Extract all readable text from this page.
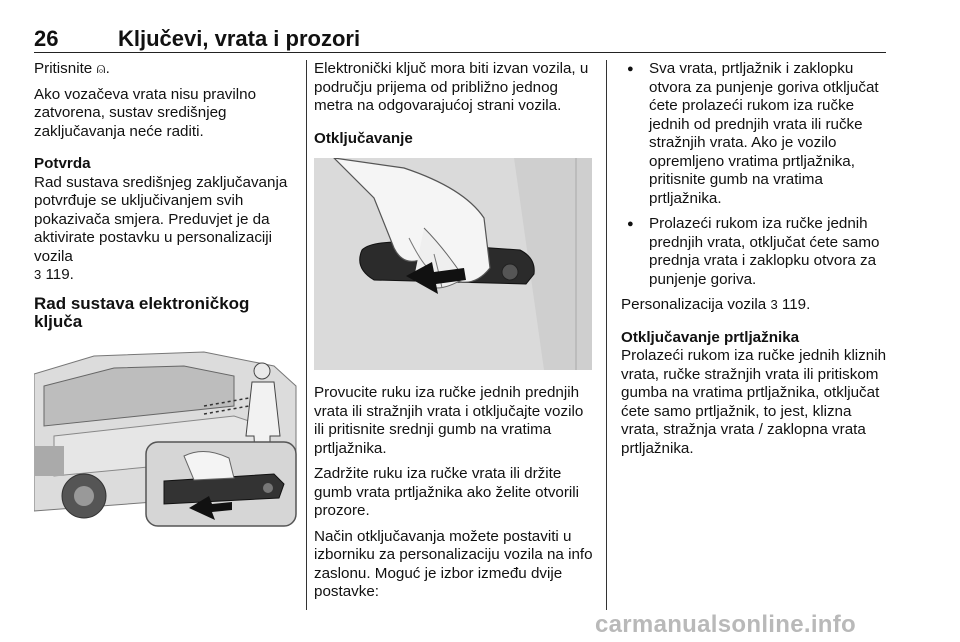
26	Ključevi, vrata i prozori

Pritisnite ⍝.

Ako vozačeva vrata nisu pravilno zatvorena, sustav središnjeg zaključavanja neće raditi.

Potvrda

Rad sustava središnjeg zaključavanja potvrđuje se uključivanjem svih pokazivača smjera. Preduvjet je da aktivirate postavku u personalizaciji vozila
3 119.

Rad sustava elektroničkog ključa

Elektronički ključ mora biti izvan vozila, u području prijema od približno jednog metra na odgovarajućoj strani vozila.

Otključavanje

Provucite ruku iza ručke jednih prednjih vrata ili stražnjih vrata i otključajte vozilo ili pritisnite srednji gumb na vratima prtljažnika.

Zadržite ruku iza ručke vrata ili držite gumb vrata prtljažnika ako želite otvorili prozore.

Način otključavanja možete postaviti u izborniku za personalizaciju vozila na info zaslonu. Moguć je izbor između dvije postavke:

● Sva vrata, prtljažnik i zaklopku otvora za punjenje goriva otključat ćete prolazeći rukom iza ručke jednih od prednjih vrata ili ručke stražnjih vrata. Ako je vozilo opremljeno vratima prtljažnika, pritisnite gumb na vratima prtljažnika.
● Prolazeći rukom iza ručke jednih prednjih vrata, otključat ćete samo prednja vrata i zaklopku otvora za punjenje goriva.

Personalizacija vozila 3 119.

Otključavanje prtljažnika

Prolazeći rukom iza ručke jednih kliznih vrata, ručke stražnjih vrata ili pritiskom gumba na vratima prtljažnika, otključat ćete samo prtljažnik, to jest, klizna vrata, stražnja vrata / zaklopna vrata prtljažnika.

carmanualsonline.info
